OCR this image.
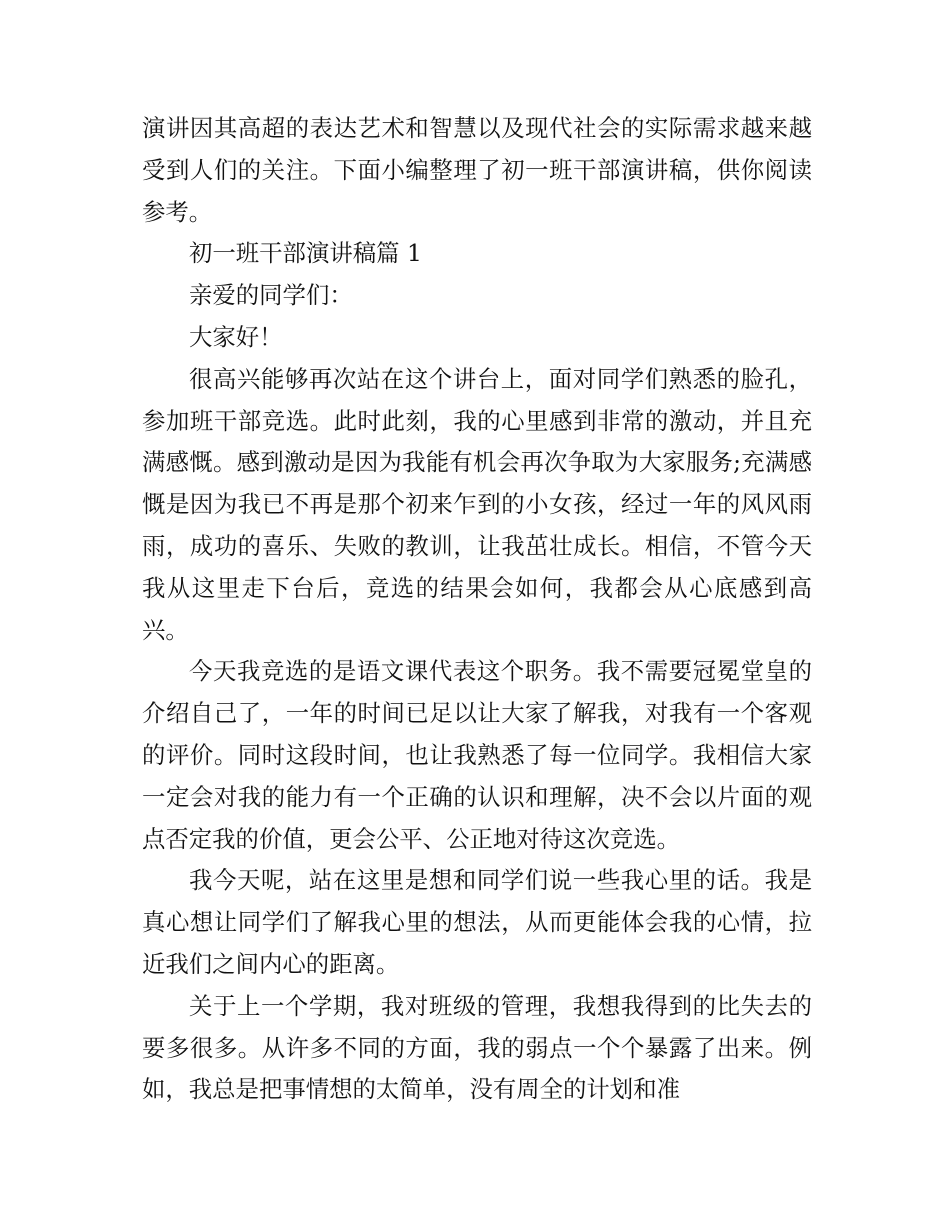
演讲因其高超的表达艺术和智慧以及现代社会的实际需求越来越受到人们的关注。下面小编整理了初一班干部演讲稿，供你阅读参考。

初一班干部演讲稿篇 1

亲爱的同学们：

大家好！

很高兴能够再次站在这个讲台上，面对同学们熟悉的脸孔，参加班干部竞选。此时此刻，我的心里感到非常的激动，并且充满感慨。感到激动是因为我能有机会再次争取为大家服务;充满感慨是因为我已不再是那个初来乍到的小女孩，经过一年的风风雨雨，成功的喜乐、失败的教训，让我茁壮成长。相信，不管今天我从这里走下台后，竞选的结果会如何，我都会从心底感到高兴。

今天我竞选的是语文课代表这个职务。我不需要冠冕堂皇的介绍自己了，一年的时间已足以让大家了解我，对我有一个客观的评价。同时这段时间，也让我熟悉了每一位同学。我相信大家一定会对我的能力有一个正确的认识和理解，决不会以片面的观点否定我的价值，更会公平、公正地对待这次竞选。

我今天呢，站在这里是想和同学们说一些我心里的话。我是真心想让同学们了解我心里的想法，从而更能体会我的心情，拉近我们之间内心的距离。

关于上一个学期，我对班级的管理，我想我得到的比失去的要多很多。从许多不同的方面，我的弱点一个个暴露了出来。例如，我总是把事情想的太简单，没有周全的计划和准
